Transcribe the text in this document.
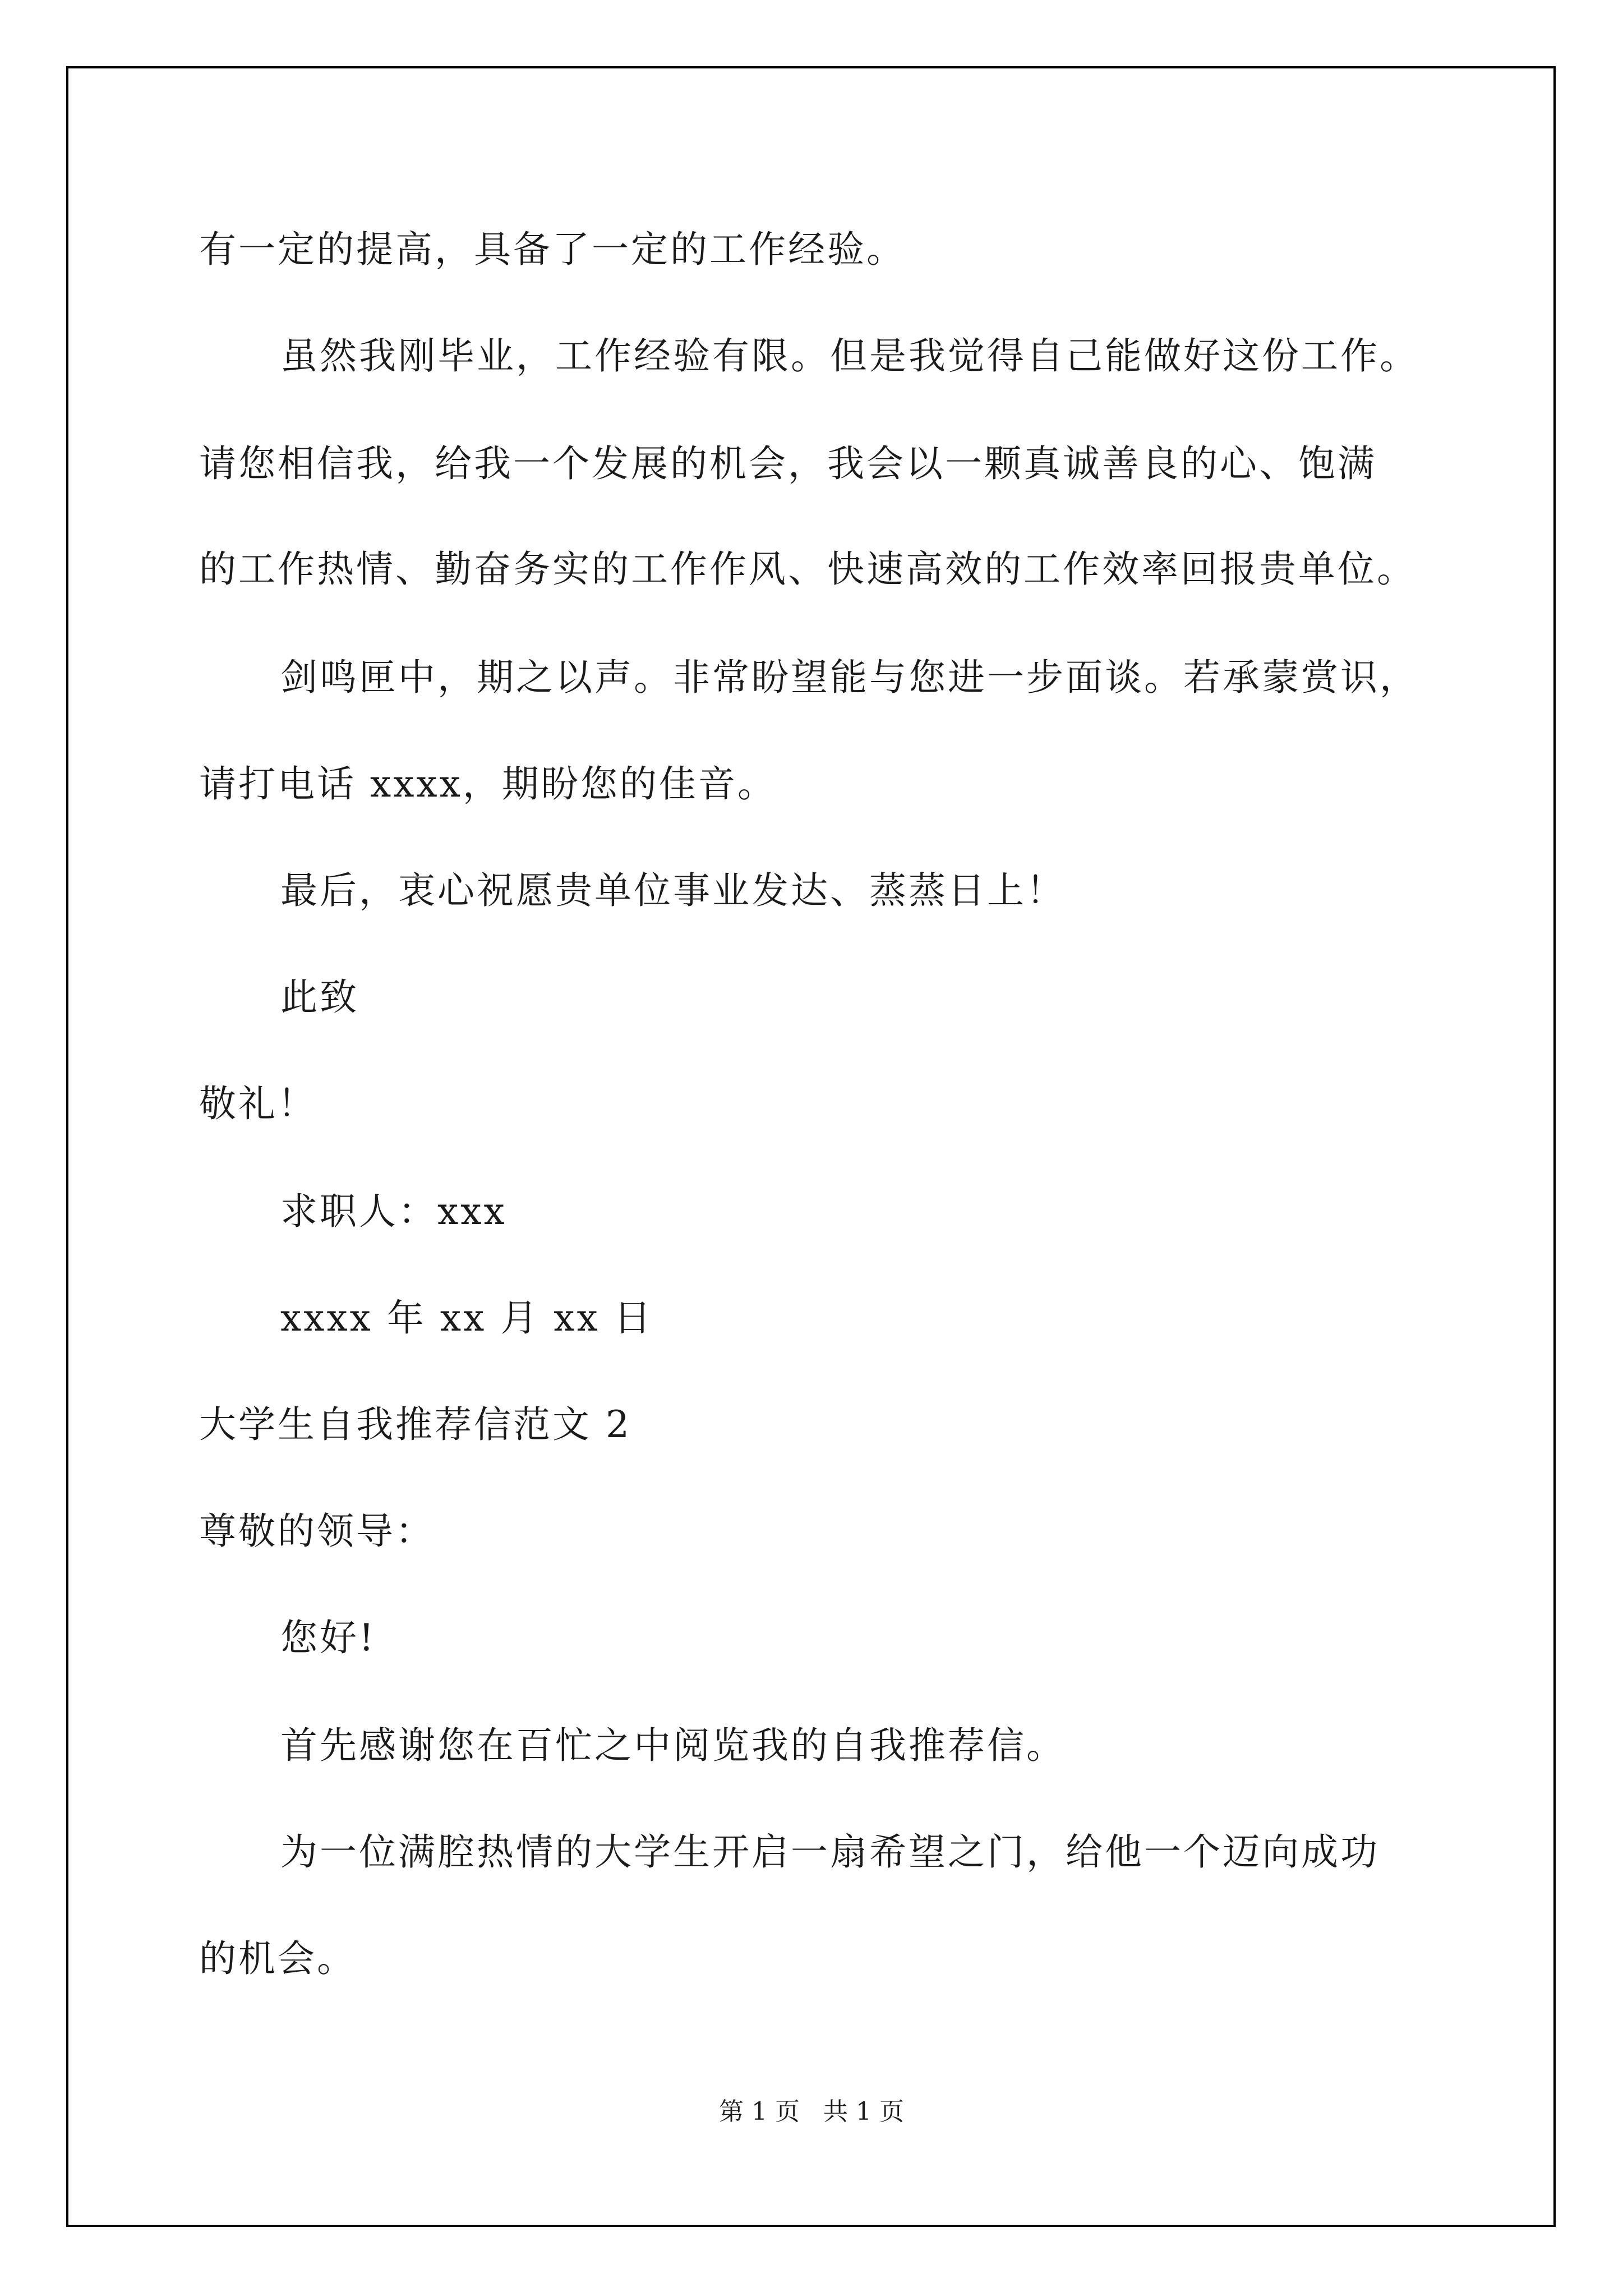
有一定的提高，具备了一定的工作经验。
虽然我刚毕业，工作经验有限。但是我觉得自己能做好这份工作。
请您相信我，给我一个发展的机会，我会以一颗真诚善良的心、饱满
的工作热情、勤奋务实的工作作风、快速高效的工作效率回报贵单位。
剑鸣匣中，期之以声。非常盼望能与您进一步面谈。若承蒙赏识，
请打电话 xxxx，期盼您的佳音。
最后，衷心祝愿贵单位事业发达、蒸蒸日上！
此致
敬礼！
求职人：xxx
xxxx 年 xx 月 xx 日
大学生自我推荐信范文 2
尊敬的领导：
您好!
首先感谢您在百忙之中阅览我的自我推荐信。
为一位满腔热情的大学生开启一扇希望之门，给他一个迈向成功
的机会。
第 1 页   共 1 页
